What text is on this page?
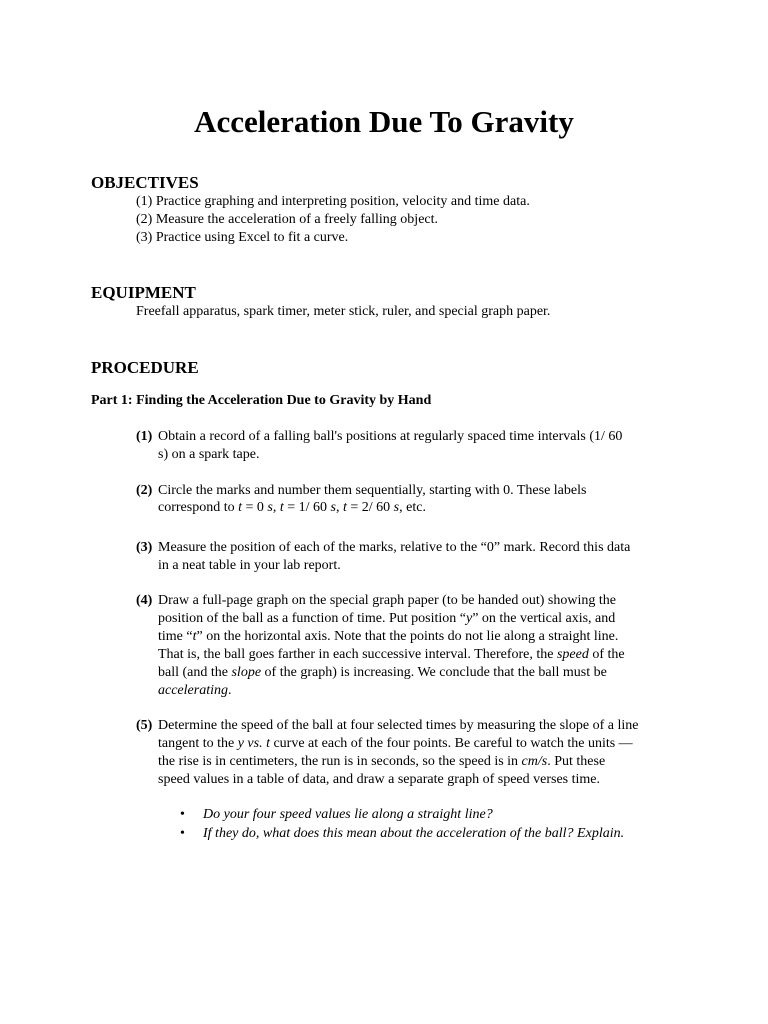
Acceleration Due To Gravity
OBJECTIVES
(1) Practice graphing and interpreting position, velocity and time data.
(2) Measure the acceleration of a freely falling object.
(3) Practice using Excel to fit a curve.
EQUIPMENT
Freefall apparatus, spark timer, meter stick, ruler, and special graph paper.
PROCEDURE
Part 1: Finding the Acceleration Due to Gravity by Hand
(1) Obtain a record of a falling ball's positions at regularly spaced time intervals (1/ 60
s) on a spark tape.
(2) Circle the marks and number them sequentially, starting with 0. These labels
correspond to t = 0 s, t = 1/ 60 s, t = 2/ 60 s, etc.
(3) Measure the position of each of the marks, relative to the “0” mark. Record this data
in a neat table in your lab report.
(4) Draw a full-page graph on the special graph paper (to be handed out) showing the
position of the ball as a function of time. Put position “y” on the vertical axis, and
time “t” on the horizontal axis. Note that the points do not lie along a straight line.
That is, the ball goes farther in each successive interval. Therefore, the speed of the
ball (and the slope of the graph) is increasing. We conclude that the ball must be
accelerating.
(5) Determine the speed of the ball at four selected times by measuring the slope of a line
tangent to the y vs. t curve at each of the four points. Be careful to watch the units —
the rise is in centimeters, the run is in seconds, so the speed is in cm/s. Put these
speed values in a table of data, and draw a separate graph of speed verses time.
• Do your four speed values lie along a straight line?
• If they do, what does this mean about the acceleration of the ball? Explain.
